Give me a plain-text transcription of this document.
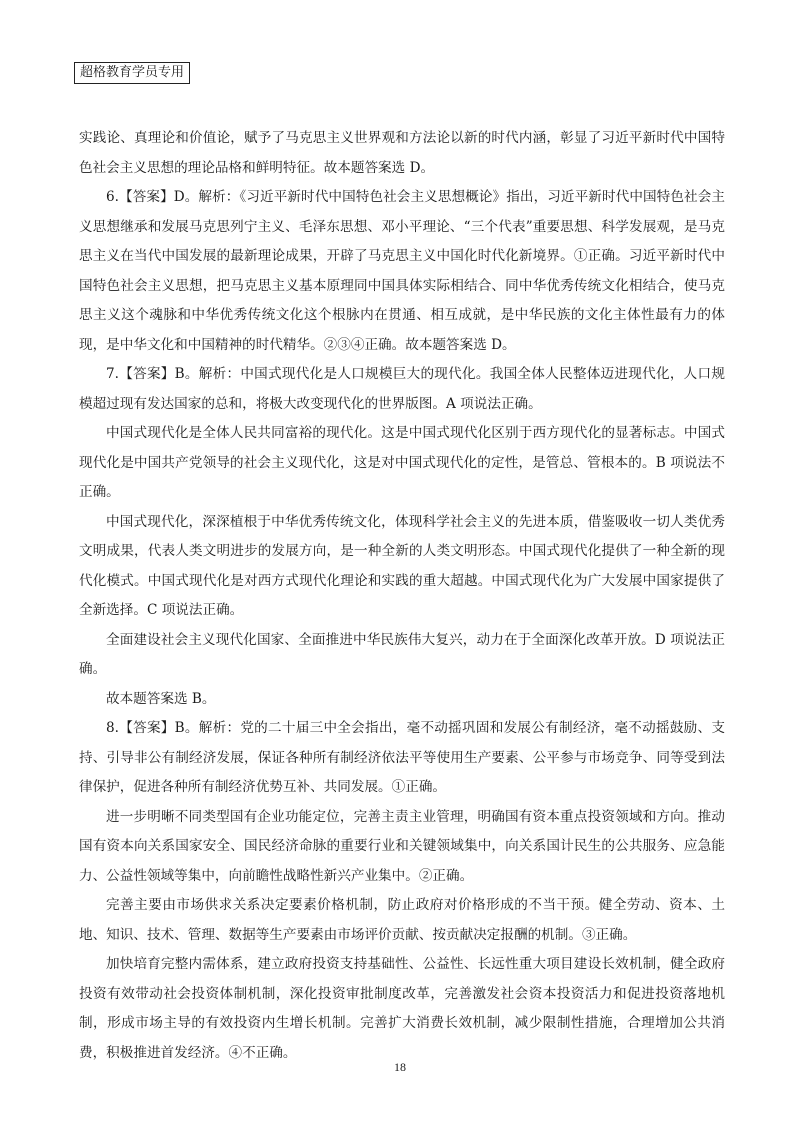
超格教育学员专用

实践论、真理论和价值论，赋予了马克思主义世界观和方法论以新的时代内涵，彰显了习近平新时代中国特色社会主义思想的理论品格和鲜明特征。故本题答案选 D。

6.【答案】D。解析：《习近平新时代中国特色社会主义思想概论》指出，习近平新时代中国特色社会主义思想继承和发展马克思列宁主义、毛泽东思想、邓小平理论、“三个代表”重要思想、科学发展观，是马克思主义在当代中国发展的最新理论成果，开辟了马克思主义中国化时代化新境界。①正确。习近平新时代中国特色社会主义思想，把马克思主义基本原理同中国具体实际相结合、同中华优秀传统文化相结合，使马克思主义这个魂脉和中华优秀传统文化这个根脉内在贯通、相互成就，是中华民族的文化主体性最有力的体现，是中华文化和中国精神的时代精华。②③④正确。故本题答案选 D。

7.【答案】B。解析：中国式现代化是人口规模巨大的现代化。我国全体人民整体迈进现代化，人口规模超过现有发达国家的总和，将极大改变现代化的世界版图。A 项说法正确。

中国式现代化是全体人民共同富裕的现代化。这是中国式现代化区别于西方现代化的显著标志。中国式现代化是中国共产党领导的社会主义现代化，这是对中国式现代化的定性，是管总、管根本的。B 项说法不正确。

中国式现代化，深深植根于中华优秀传统文化，体现科学社会主义的先进本质，借鉴吸收一切人类优秀文明成果，代表人类文明进步的发展方向，是一种全新的人类文明形态。中国式现代化提供了一种全新的现代化模式。中国式现代化是对西方式现代化理论和实践的重大超越。中国式现代化为广大发展中国家提供了全新选择。C 项说法正确。

全面建设社会主义现代化国家、全面推进中华民族伟大复兴，动力在于全面深化改革开放。D 项说法正确。

故本题答案选 B。

8.【答案】B。解析：党的二十届三中全会指出，毫不动摇巩固和发展公有制经济，毫不动摇鼓励、支持、引导非公有制经济发展，保证各种所有制经济依法平等使用生产要素、公平参与市场竞争、同等受到法律保护，促进各种所有制经济优势互补、共同发展。①正确。

进一步明晰不同类型国有企业功能定位，完善主责主业管理，明确国有资本重点投资领域和方向。推动国有资本向关系国家安全、国民经济命脉的重要行业和关键领域集中，向关系国计民生的公共服务、应急能力、公益性领域等集中，向前瞻性战略性新兴产业集中。②正确。

完善主要由市场供求关系决定要素价格机制，防止政府对价格形成的不当干预。健全劳动、资本、土地、知识、技术、管理、数据等生产要素由市场评价贡献、按贡献决定报酬的机制。③正确。

加快培育完整内需体系，建立政府投资支持基础性、公益性、长远性重大项目建设长效机制，健全政府投资有效带动社会投资体制机制，深化投资审批制度改革，完善激发社会资本投资活力和促进投资落地机制，形成市场主导的有效投资内生增长机制。完善扩大消费长效机制，减少限制性措施，合理增加公共消费，积极推进首发经济。④不正确。

18
